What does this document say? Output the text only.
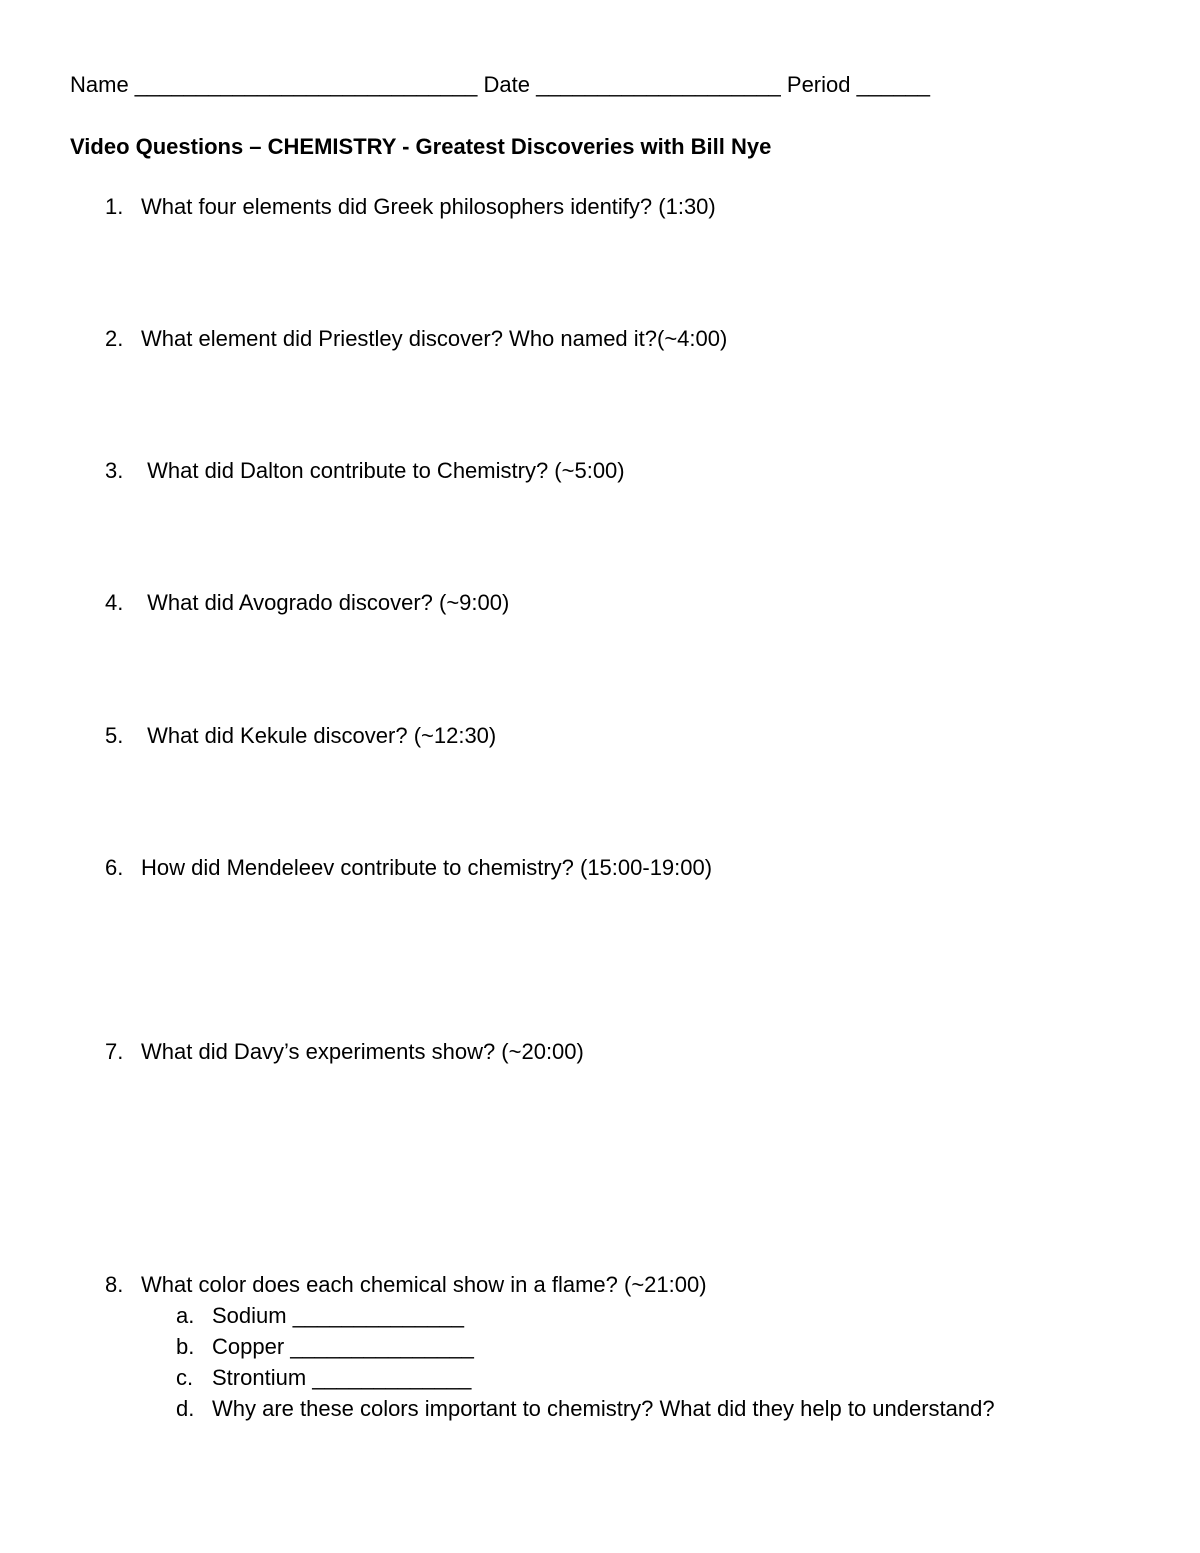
Name ____________________________ Date ____________________ Period ______
Video Questions – CHEMISTRY - Greatest Discoveries with Bill Nye
1. What four elements did Greek philosophers identify? (1:30)
2. What element did Priestley discover? Who named it?(~4:00)
3. What did Dalton contribute to Chemistry? (~5:00)
4. What did Avogrado discover? (~9:00)
5. What did Kekule discover? (~12:30)
6. How did Mendeleev contribute to chemistry? (15:00-19:00)
7. What did Davy’s experiments show? (~20:00)
8. What color does each chemical show in a flame? (~21:00)
a. Sodium ______________
b. Copper _______________
c. Strontium _____________
d. Why are these colors important to chemistry? What did they help to understand?
